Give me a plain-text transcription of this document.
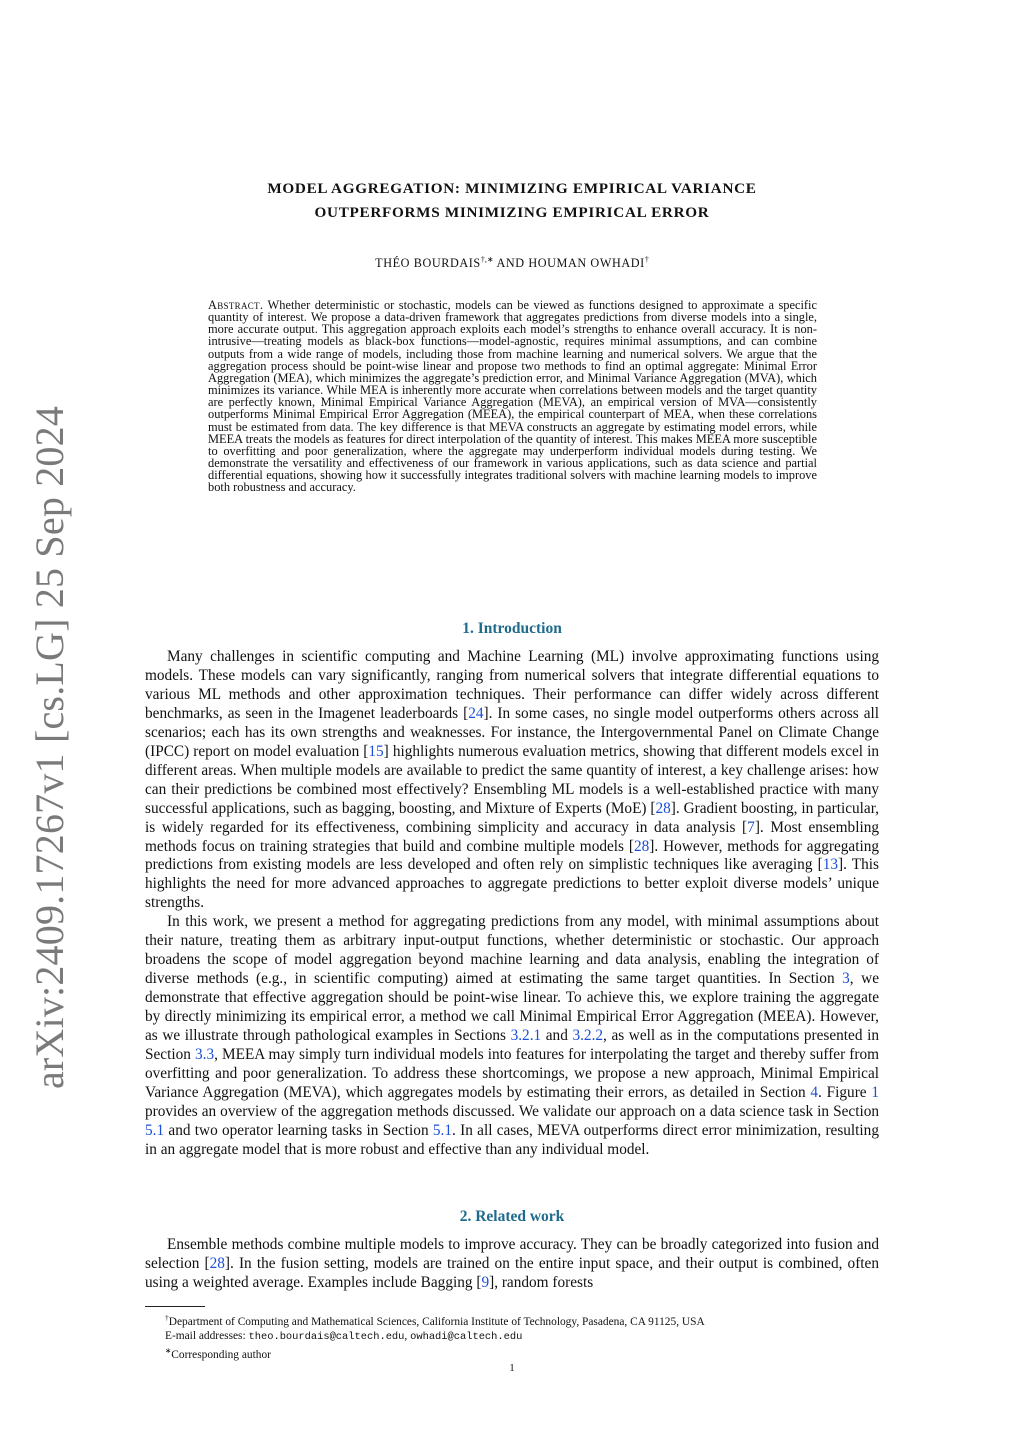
arXiv:2409.17267v1 [cs.LG] 25 Sep 2024
MODEL AGGREGATION: MINIMIZING EMPIRICAL VARIANCE
OUTPERFORMS MINIMIZING EMPIRICAL ERROR
THÉO BOURDAIS†,∗ AND HOUMAN OWHADI†
Abstract. Whether deterministic or stochastic, models can be viewed as functions designed to approximate a specific quantity of interest. We propose a data-driven framework that aggregates predictions from diverse models into a single, more accurate output. This aggregation approach exploits each model’s strengths to enhance overall accuracy. It is non-intrusive—treating models as black-box functions—model-agnostic, requires minimal assumptions, and can combine outputs from a wide range of models, including those from machine learning and numerical solvers. We argue that the aggregation process should be point-wise linear and propose two methods to find an optimal aggregate: Minimal Error Aggregation (MEA), which minimizes the aggregate’s prediction error, and Minimal Variance Aggregation (MVA), which minimizes its variance. While MEA is inherently more accurate when correlations between models and the target quantity are perfectly known, Minimal Empirical Variance Aggregation (MEVA), an empirical version of MVA—consistently outperforms Minimal Empirical Error Aggregation (MEEA), the empirical counterpart of MEA, when these correlations must be estimated from data. The key difference is that MEVA constructs an aggregate by estimating model errors, while MEEA treats the models as features for direct interpolation of the quantity of interest. This makes MEEA more susceptible to overfitting and poor generalization, where the aggregate may underperform individual models during testing. We demonstrate the versatility and effectiveness of our framework in various applications, such as data science and partial differential equations, showing how it successfully integrates traditional solvers with machine learning models to improve both robustness and accuracy.
1. Introduction

Many challenges in scientific computing and Machine Learning (ML) involve approximating functions using models. These models can vary significantly, ranging from numerical solvers that integrate differential equations to various ML methods and other approximation techniques. Their performance can differ widely across different benchmarks, as seen in the Imagenet leaderboards [24]. In some cases, no single model outperforms others across all scenarios; each has its own strengths and weaknesses. For instance, the Intergovernmental Panel on Climate Change (IPCC) report on model evaluation [15] highlights numerous evaluation metrics, showing that different models excel in different areas. When multiple models are available to predict the same quantity of interest, a key challenge arises: how can their predictions be combined most effectively? Ensembling ML models is a well-established practice with many successful applications, such as bagging, boosting, and Mixture of Experts (MoE) [28]. Gradient boosting, in particular, is widely regarded for its effectiveness, combining simplicity and accuracy in data analysis [7]. Most ensembling methods focus on training strategies that build and combine multiple models [28]. However, methods for aggregating predictions from existing models are less developed and often rely on simplistic techniques like averaging [13]. This highlights the need for more advanced approaches to aggregate predictions to better exploit diverse models’ unique strengths.

In this work, we present a method for aggregating predictions from any model, with minimal assumptions about their nature, treating them as arbitrary input-output functions, whether deterministic or stochastic. Our approach broadens the scope of model aggregation beyond machine learning and data analysis, enabling the integration of diverse methods (e.g., in scientific computing) aimed at estimating the same target quantities. In Section 3, we demonstrate that effective aggregation should be point-wise linear. To achieve this, we explore training the aggregate by directly minimizing its empirical error, a method we call Minimal Empirical Error Aggregation (MEEA). However, as we illustrate through pathological examples in Sections 3.2.1 and 3.2.2, as well as in the computations presented in Section 3.3, MEEA may simply turn individual models into features for interpolating the target and thereby suffer from overfitting and poor generalization. To address these shortcomings, we propose a new approach, Minimal Empirical Variance Aggregation (MEVA), which aggregates models by estimating their errors, as detailed in Section 4. Figure 1 provides an overview of the aggregation methods discussed. We validate our approach on a data science task in Section 5.1 and two operator learning tasks in Section 5.1. In all cases, MEVA outperforms direct error minimization, resulting in an aggregate model that is more robust and effective than any individual model.

2. Related work

Ensemble methods combine multiple models to improve accuracy. They can be broadly categorized into fusion and selection [28]. In the fusion setting, models are trained on the entire input space, and their output is combined, often using a weighted average. Examples include Bagging [9], random forests

†Department of Computing and Mathematical Sciences, California Institute of Technology, Pasadena, CA 91125, USA
E-mail addresses: theo.bourdais@caltech.edu, owhadi@caltech.edu
∗Corresponding author
1
